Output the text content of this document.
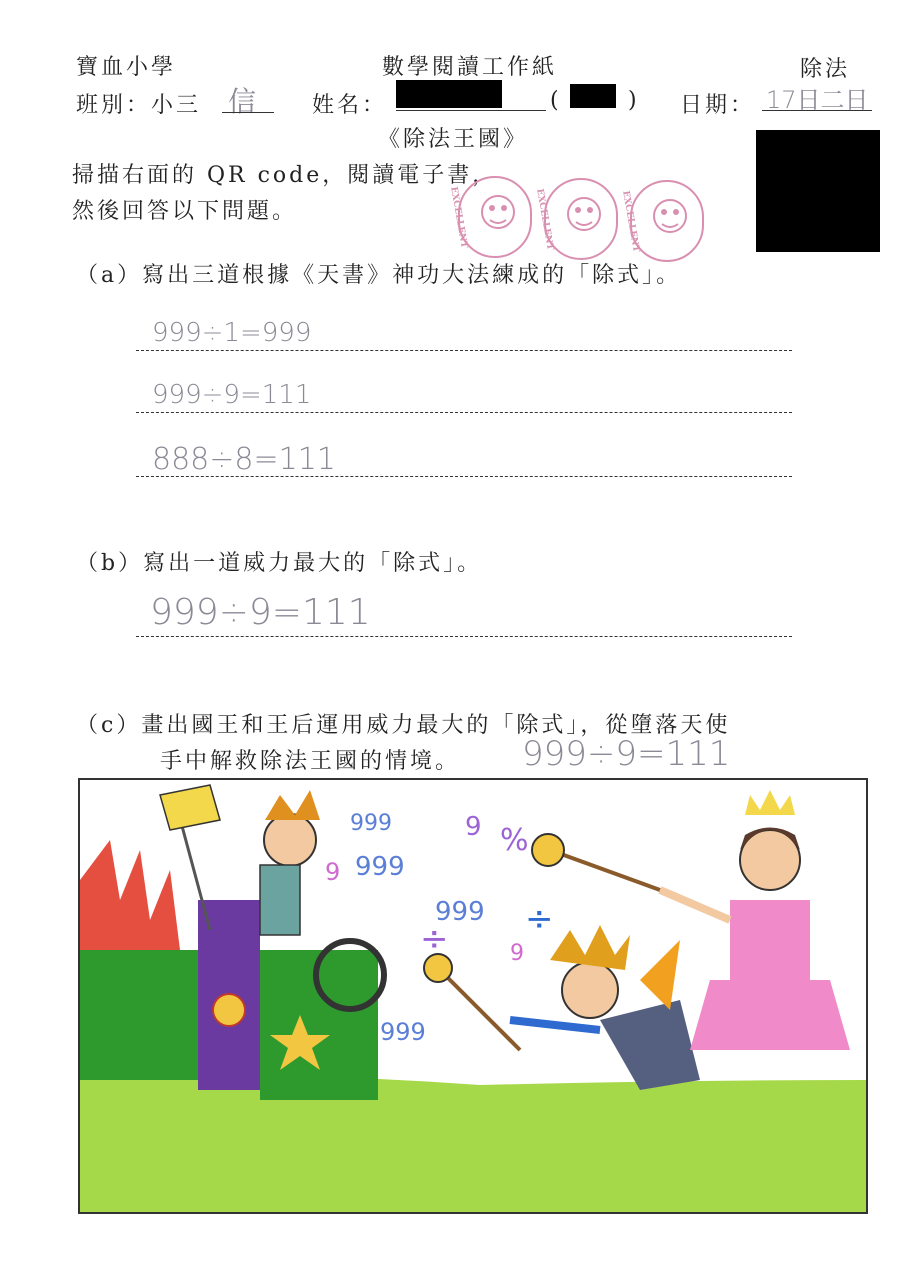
寶血小學	數學閱讀工作紙	除法
班別：小三 信	姓名：	(	) 日期： 17日二日
《除法王國》
掃描右面的 QR code，閱讀電子書，
然後回答以下問題。	EXCELLENT	EXCELLENT	EXCELLENT
（a）寫出三道根據《天書》神功大法練成的「除式」。
999÷1=999
999÷9=111
888÷8=111
（b）寫出一道威力最大的「除式」。
999÷9=111
（c）畫出國王和王后運用威力最大的「除式」，從墮落天使
手中解救除法王國的情境。 999÷9=111
999
9 999
9
999
999
9
÷ ÷
%
